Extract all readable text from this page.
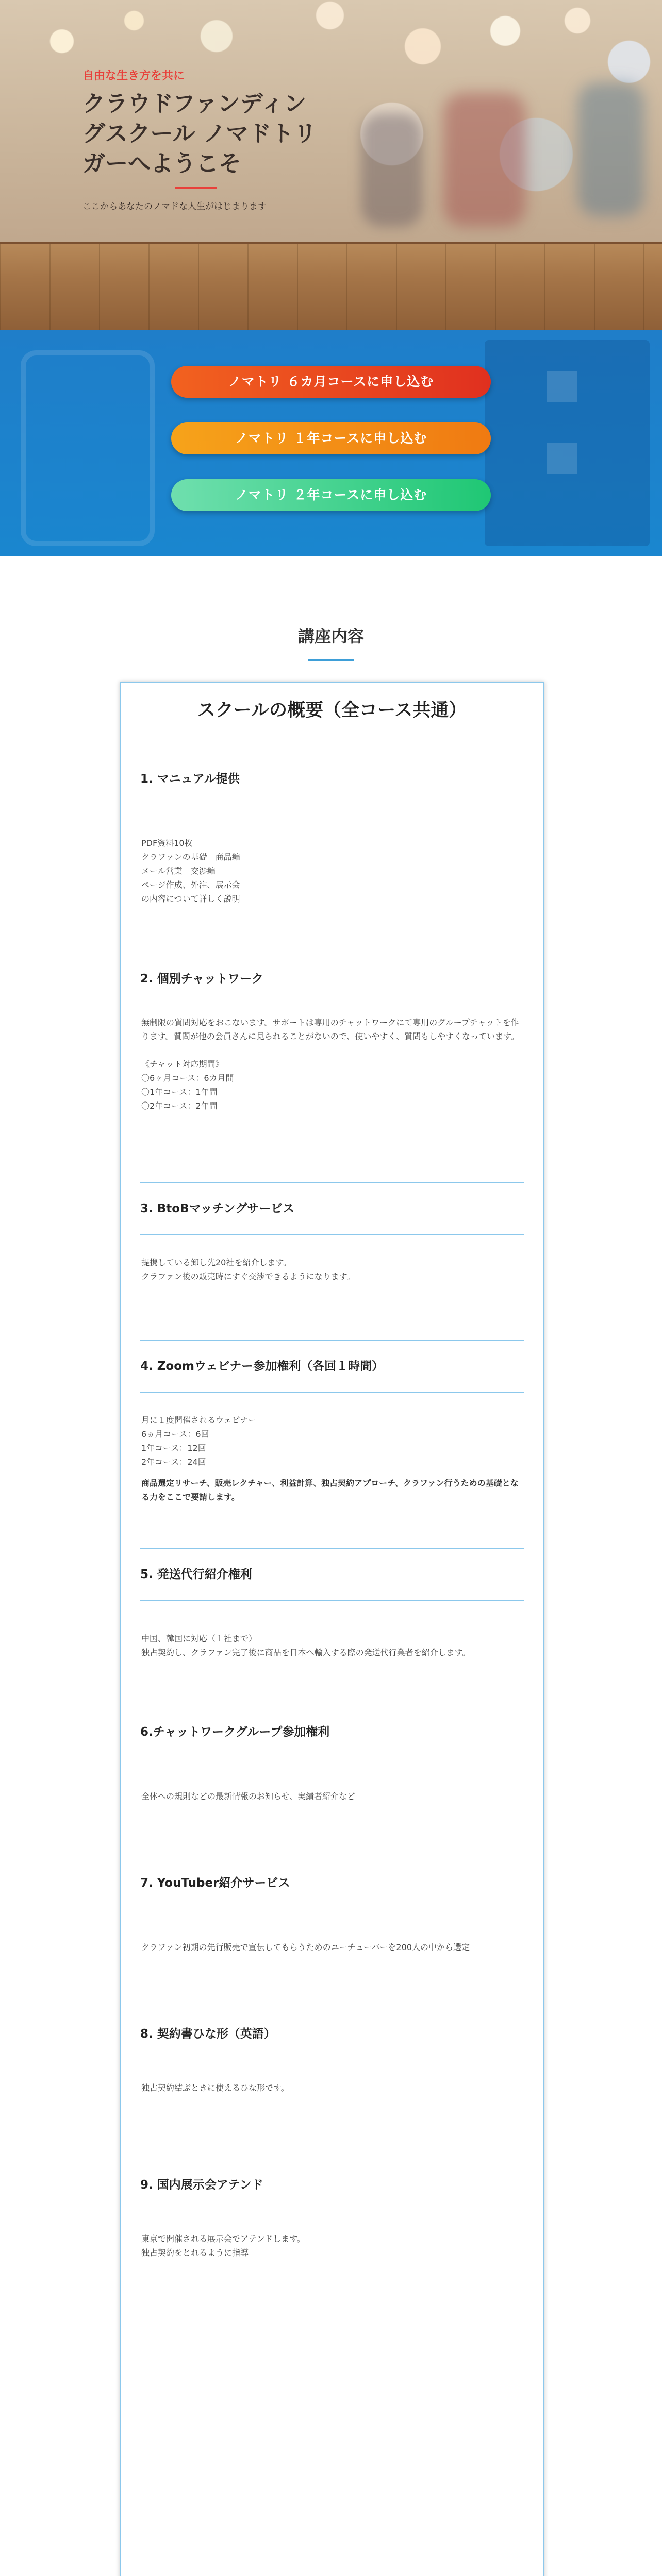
自由な生き方を共に
クラウドファンディングスクール ノマドトリガーへようこそ
ここからあなたのノマドな人生がはじまります
ノマトリ ６カ月コースに申し込む
ノマトリ １年コースに申し込む
ノマトリ ２年コースに申し込む
講座内容
スクールの概要（全コース共通）
1. マニュアル提供

PDF資料10枚

クラファンの基礎　商品編

メール営業　交渉編

ページ作成、外注、展示会

の内容について詳しく説明

2. 個別チャットワーク

無制限の質問対応をおこないます。サポートは専用のチャットワークにて専用のグループチャットを作ります。質問が他の会員さんに見られることがないので、使いやすく、質問もしやすくなっています。

《チャット対応期間》

〇6ヶ月コース：6カ月間

〇1年コース：1年間

〇2年コース：2年間

3. BtoBマッチングサービス

提携している卸し先20社を紹介します。

クラファン後の販売時にすぐ交渉できるようになります。

4. Zoomウェビナー参加権利（各回１時間）

月に１度開催されるウェビナー

6ヵ月コース：6回

1年コース：12回

2年コース：24回

商品選定リサーチ、販売レクチャー、利益計算、独占契約アプローチ、クラファン行うための基礎となる力をここで要請します。

5. 発送代行紹介権利

中国、韓国に対応（１社まで）

独占契約し、クラファン完了後に商品を日本へ輸入する際の発送代行業者を紹介します。

6.チャットワークグループ参加権利

全体への規則などの最新情報のお知らせ、実績者紹介など

7. YouTuber紹介サービス

クラファン初期の先行販売で宣伝してもらうためのユーチューバーを200人の中から選定

8. 契約書ひな形（英語）

独占契約結ぶときに使えるひな形です。

9. 国内展示会アテンド

東京で開催される展示会でアテンドします。

独占契約をとれるように指導
